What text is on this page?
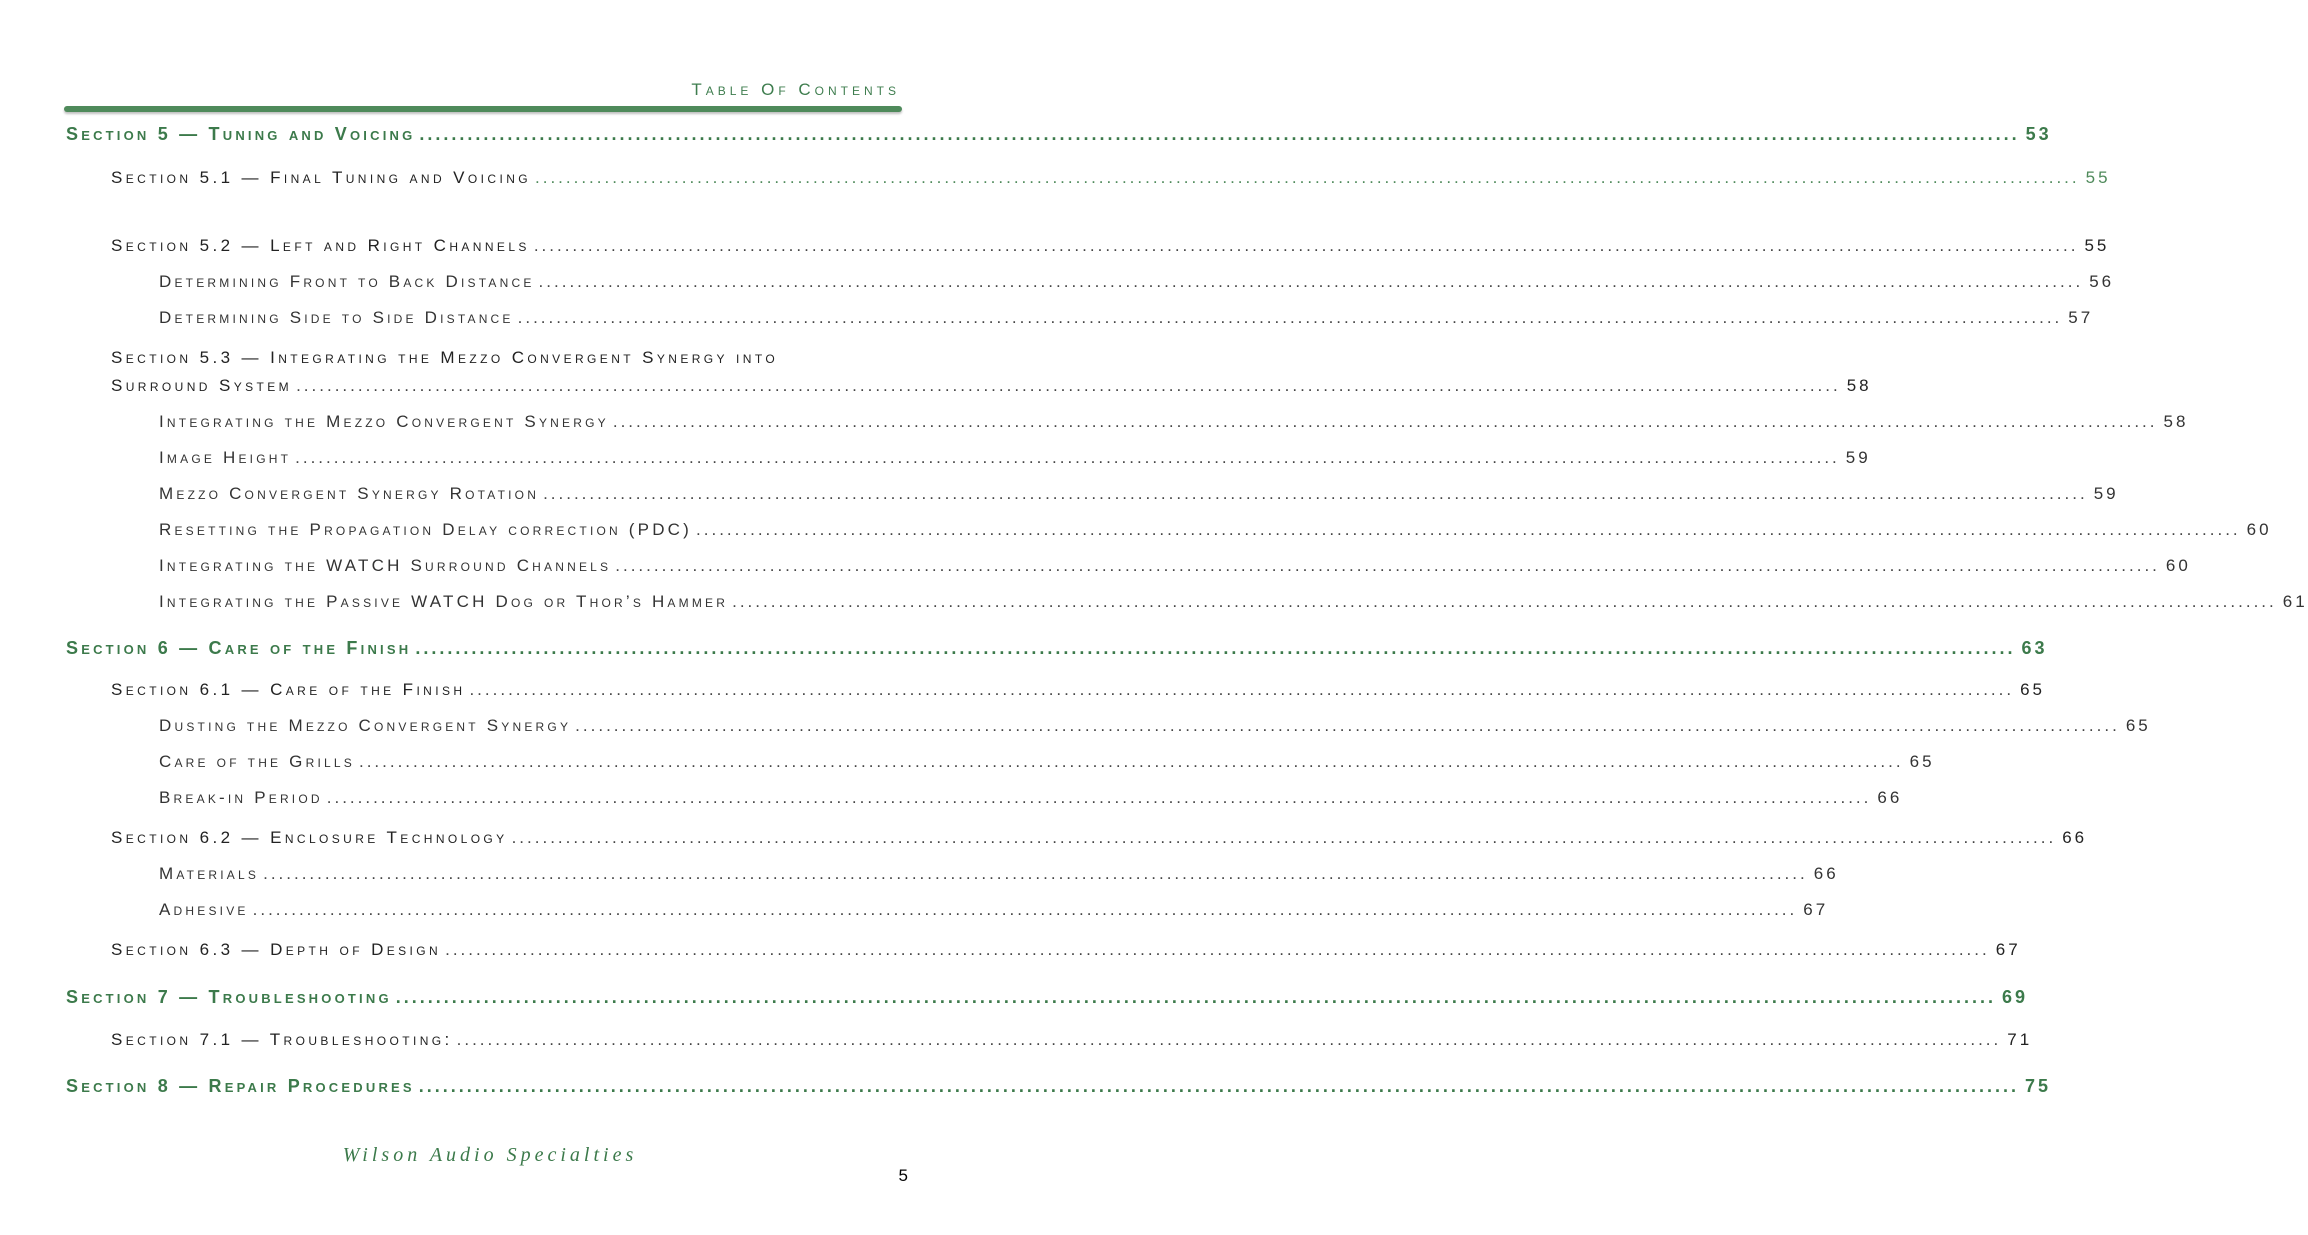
Table Of Contents
Section 5 — Tuning and Voicing ........................................................................................................................................................................................................ 53
Section 5.1 — Final Tuning and Voicing ........................................................................................................................................................................................................ 55
Section 5.2 — Left and Right Channels ........................................................................................................................................................................................................ 55
Determining Front to Back Distance ........................................................................................................................................................................................................ 56
Determining Side to Side Distance ........................................................................................................................................................................................................ 57
Section 5.3 — Integrating the Mezzo Convergent Synergy into
Surround System ........................................................................................................................................................................................................ 58
Integrating the Mezzo Convergent Synergy ........................................................................................................................................................................................................ 58
Image Height ........................................................................................................................................................................................................ 59
Mezzo Convergent Synergy Rotation ........................................................................................................................................................................................................ 59
Resetting the Propagation Delay correction (PDC) ........................................................................................................................................................................................................ 60
Integrating the WATCH Surround Channels ........................................................................................................................................................................................................ 60
Integrating the Passive WATCH Dog or Thor’s Hammer ........................................................................................................................................................................................................ 61
Section 6 — Care of the Finish ........................................................................................................................................................................................................ 63
Section 6.1 — Care of the Finish ........................................................................................................................................................................................................ 65
Dusting the Mezzo Convergent Synergy ........................................................................................................................................................................................................ 65
Care of the Grills ........................................................................................................................................................................................................ 65
Break-in Period ........................................................................................................................................................................................................ 66
Section 6.2 — Enclosure Technology ........................................................................................................................................................................................................ 66
Materials ........................................................................................................................................................................................................ 66
Adhesive ........................................................................................................................................................................................................ 67
Section 6.3 — Depth of Design ........................................................................................................................................................................................................ 67
Section 7 — Troubleshooting ........................................................................................................................................................................................................ 69
Section 7.1 — Troubleshooting: ........................................................................................................................................................................................................ 71
Section 8 — Repair Procedures ........................................................................................................................................................................................................ 75
Wilson Audio Specialties
5
